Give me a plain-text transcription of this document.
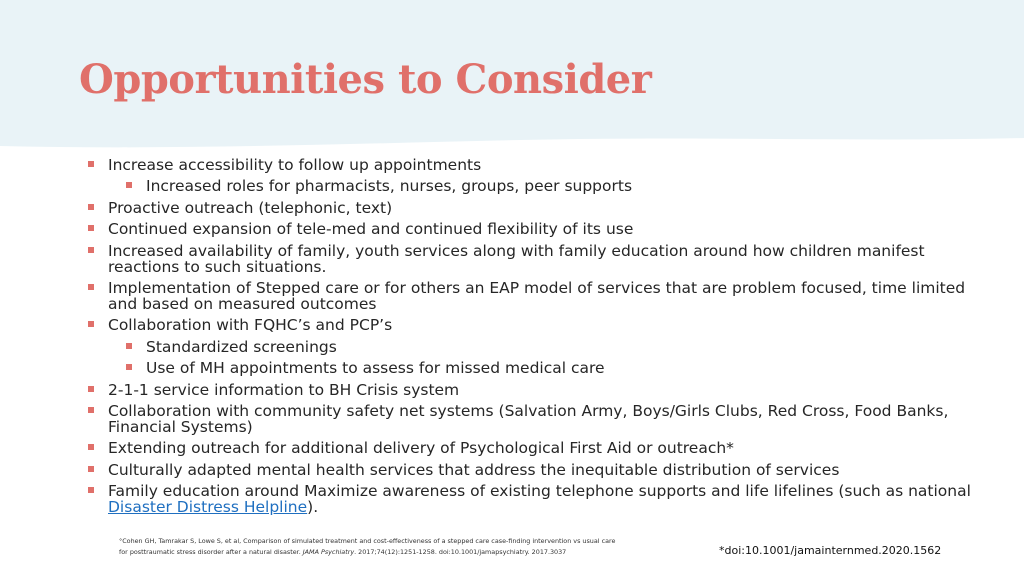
Opportunities to Consider
Increase accessibility to follow up appointments
Increased roles for pharmacists, nurses, groups, peer supports
Proactive outreach (telephonic, text)
Continued expansion of tele-med and continued flexibility of its use
Increased availability of family, youth services along with family education around how children manifest reactions to such situations.
Implementation of Stepped care or for others an EAP model of services that are problem focused, time limited and based on measured outcomes
Collaboration with FQHC’s and PCP’s
Standardized screenings
Use of MH appointments to assess for missed medical care
2-1-1 service information to BH Crisis system
Collaboration with community safety net systems (Salvation Army, Boys/Girls Clubs, Red Cross, Food Banks, Financial Systems)
Extending outreach for additional delivery of Psychological First Aid or outreach*
Culturally adapted mental health services that address the inequitable distribution of services
Family education around Maximize awareness of existing telephone supports and life lifelines (such as national Disaster Distress Helpline).
°Cohen GH, Tamrakar S, Lowe S, et al, Comparison of simulated treatment and cost-effectiveness of a stepped care case-finding intervention vs usual care for posttraumatic stress disorder after a natural disaster. JAMA Psychiatry. 2017;74(12):1251-1258. doi:10.1001/jamapsychiatry. 2017.3037	*doi:10.1001/jamainternmed.2020.1562
